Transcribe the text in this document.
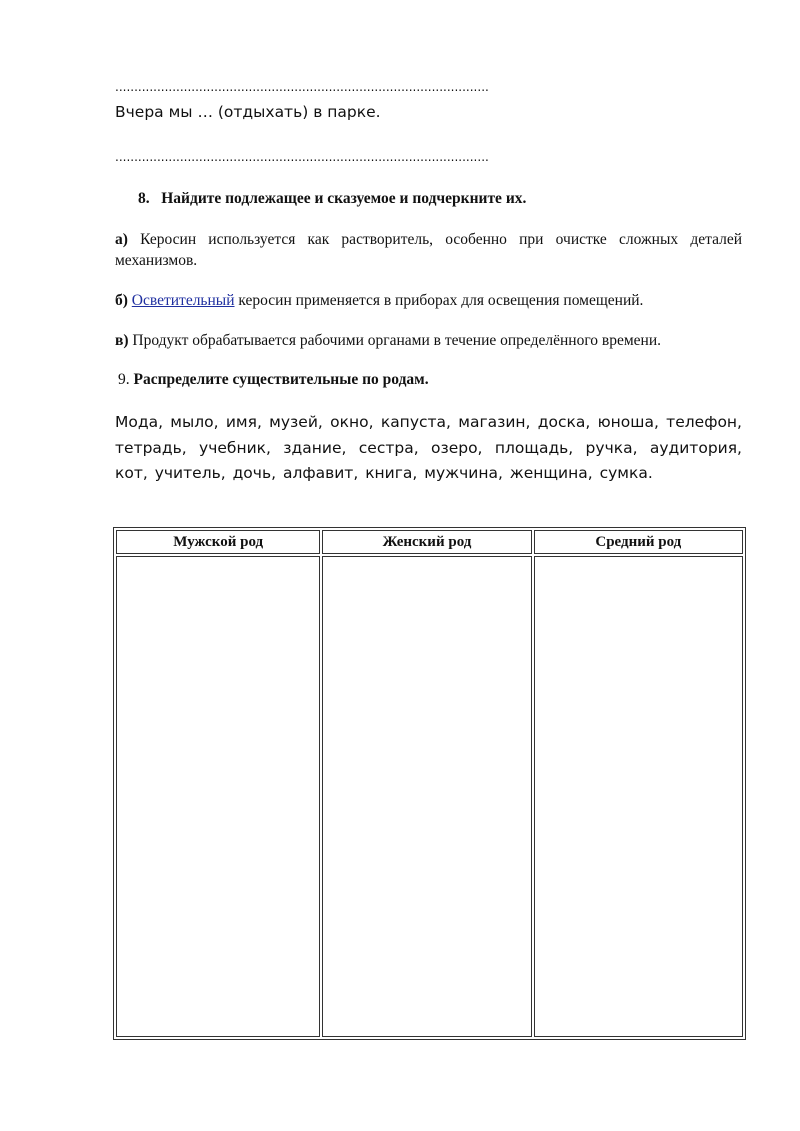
..................................................................................................
Вчера мы … (отдыхать) в парке.
..................................................................................................
8. Найдите подлежащее и сказуемое и подчеркните их.
а) Керосин используется как растворитель, особенно при очистке сложных деталей механизмов.
б) Осветительный керосин применяется в приборах для освещения помещений.
в) Продукт обрабатывается рабочими органами в течение определённого времени.
9. Распределите существительные по родам.
Мода, мыло, имя, музей, окно, капуста, магазин, доска, юноша, телефон, тетрадь, учебник, здание, сестра, озеро, площадь, ручка, аудитория, кот, учитель, дочь, алфавит, книга, мужчина, женщина, сумка.
Мужской род	Женский род	Средний род
